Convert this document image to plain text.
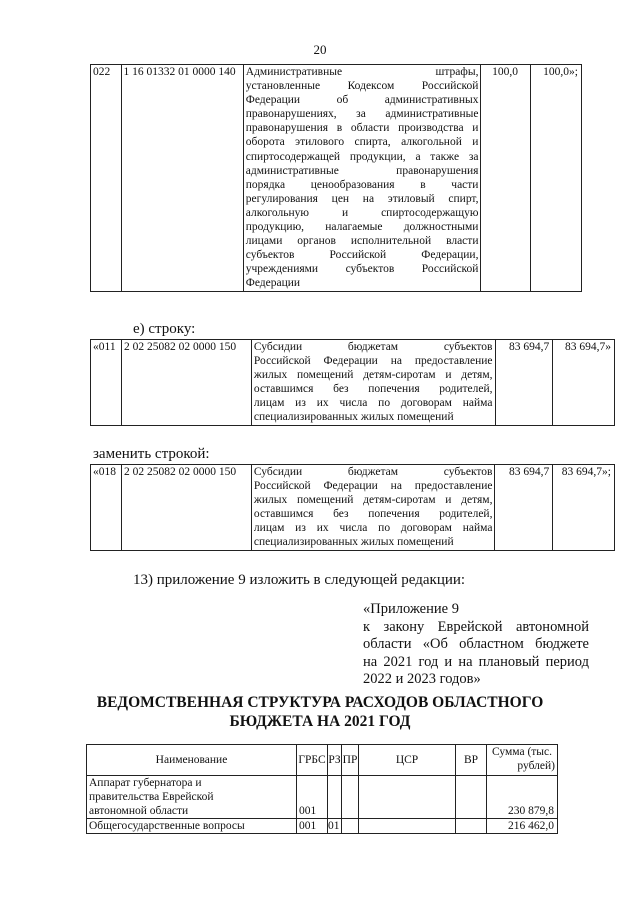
20
022	1 16 01332 01 0000 140	Административные штрафы,
установленные Кодексом Российской
Федерации об административных
правонарушениях, за административные
правонарушения в области производства и
оборота этилового спирта, алкогольной и
спиртосодержащей продукции, а также за
административные правонарушения
порядка ценообразования в части
регулирования цен на этиловый спирт,
алкогольную и спиртосодержащую
продукцию, налагаемые должностными
лицами органов исполнительной власти
субъектов Российской Федерации,
учреждениями субъектов Российской
Федерации
	100,0	100,0»;
е) строку:
«011	2 02 25082 02 0000 150	Субсидии бюджетам субъектов
Российской Федерации на предоставление
жилых помещений детям-сиротам и детям,
оставшимся без попечения родителей,
лицам из их числа по договорам найма
специализированных жилых помещений
	83 694,7	83 694,7»
заменить строкой:
«018	2 02 25082 02 0000 150	Субсидии бюджетам субъектов
Российской Федерации на предоставление
жилых помещений детям-сиротам и детям,
оставшимся без попечения родителей,
лицам из их числа по договорам найма
специализированных жилых помещений
	83 694,7	83 694,7»;
13) приложение 9 изложить в следующей редакции:
«Приложение 9
к закону Еврейской автономной
области «Об областном бюджете
на 2021 год и на плановый период
2022 и 2023 годов»
ВЕДОМСТВЕННАЯ СТРУКТУРА РАСХОДОВ ОБЛАСТНОГО
БЮДЖЕТА НА 2021 ГОД
Наименование	ГРБС	РЗ	ПР	ЦСР	ВР	Сумма (тыс.
рублей)

Аппарат губернатора и
правительства Еврейской
автономной области	001					230 879,8

Общегосударственные вопросы	001	01				216 462,0
